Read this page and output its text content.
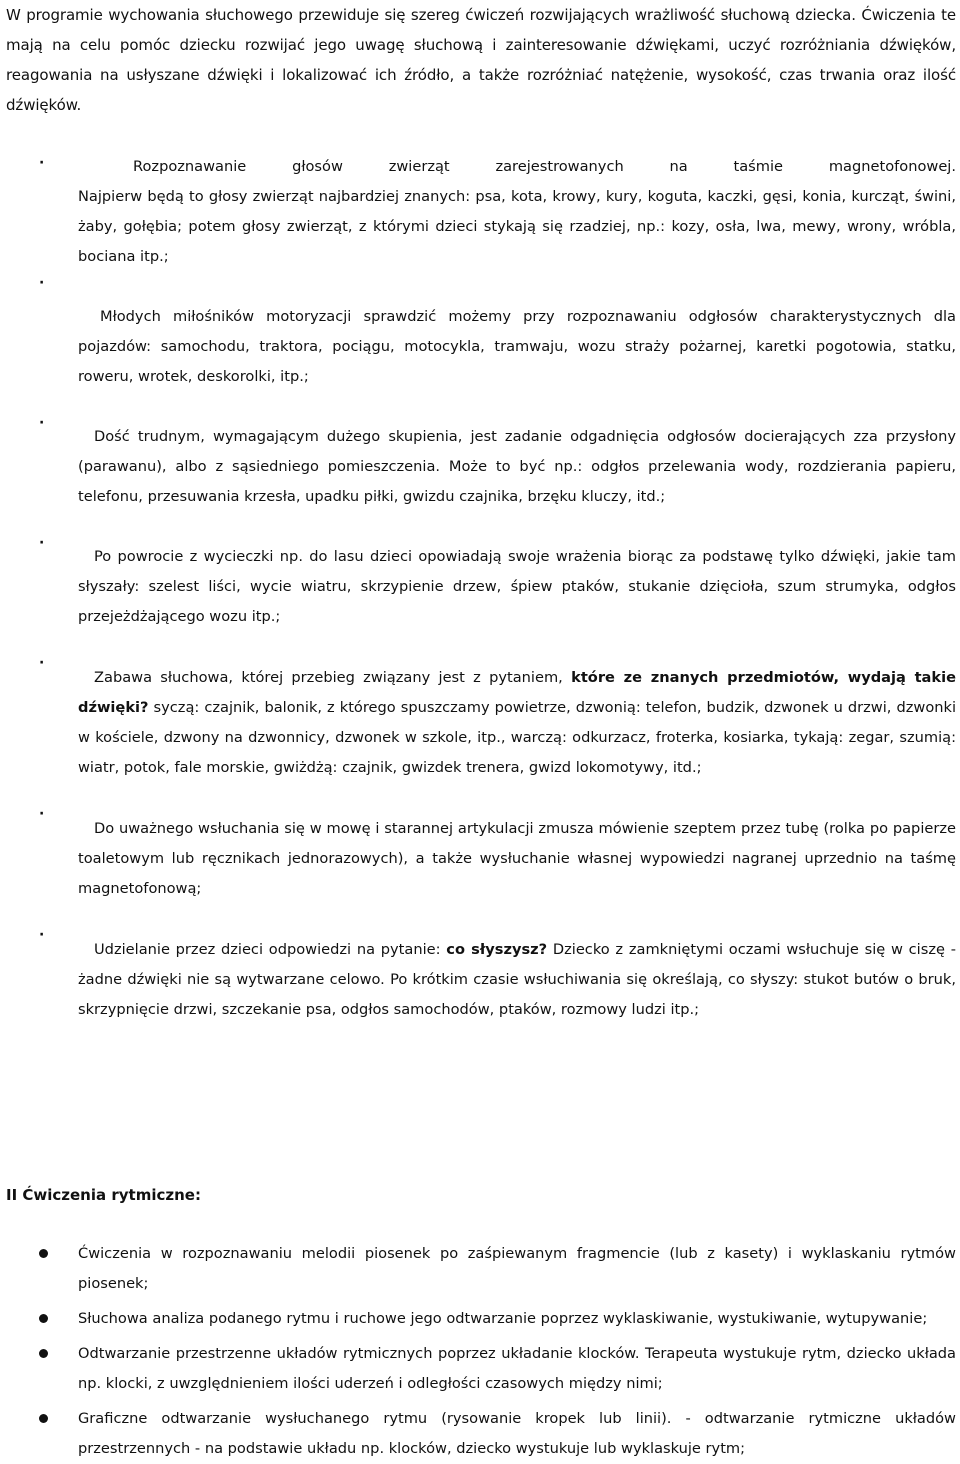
W programie wychowania słuchowego przewiduje się szereg ćwiczeń rozwijających wrażliwość słuchową dziecka. Ćwiczenia te mają na celu pomóc dziecku rozwijać jego uwagę słuchową i zainteresowanie dźwiękami, uczyć rozróżniania dźwięków, reagowania na usłyszane dźwięki i lokalizować ich źródło, a także rozróżniać natężenie, wysokość, czas trwania oraz ilość dźwięków.

·	Rozpoznawanie głosów zwierząt zarejestrowanych na taśmie magnetofonowej.
Najpierw będą to głosy zwierząt najbardziej znanych: psa, kota, krowy, kury, koguta, kaczki, gęsi, konia, kurcząt, świni, żaby, gołębia; potem głosy zwierząt, z którymi dzieci stykają się rzadziej, np.: kozy, osła, lwa, mewy, wrony, wróbla, bociana itp.;
·
Młodych miłośników motoryzacji sprawdzić możemy przy rozpoznawaniu odgłosów charakterystycznych dla pojazdów: samochodu, traktora, pociągu, motocykla, tramwaju, wozu straży pożarnej, karetki pogotowia, statku, roweru, wrotek, deskorolki, itp.;
·
Dość trudnym, wymagającym dużego skupienia, jest zadanie odgadnięcia odgłosów docierających zza przysłony (parawanu), albo z sąsiedniego pomieszczenia. Może to być np.: odgłos przelewania wody, rozdzierania papieru, telefonu, przesuwania krzesła, upadku piłki, gwizdu czajnika, brzęku kluczy, itd.;
·
Po powrocie z wycieczki np. do lasu dzieci opowiadają swoje wrażenia biorąc za podstawę tylko dźwięki, jakie tam słyszały: szelest liści, wycie wiatru, skrzypienie drzew, śpiew ptaków, stukanie dzięcioła, szum strumyka, odgłos przejeżdżającego wozu itp.;
·
Zabawa słuchowa, której przebieg związany jest z pytaniem, które ze znanych przedmiotów, wydają takie dźwięki? syczą: czajnik, balonik, z którego spuszczamy powietrze, dzwonią: telefon, budzik, dzwonek u drzwi, dzwonki w kościele, dzwony na dzwonnicy, dzwonek w szkole, itp., warczą: odkurzacz, froterka, kosiarka, tykają: zegar, szumią: wiatr, potok, fale morskie, gwiżdżą: czajnik, gwizdek trenera, gwizd lokomotywy, itd.;
·
Do uważnego wsłuchania się w mowę i starannej artykulacji zmusza mówienie szeptem przez tubę (rolka po papierze toaletowym lub ręcznikach jednorazowych), a także wysłuchanie własnej wypowiedzi nagranej uprzednio na taśmę magnetofonową;
·
Udzielanie przez dzieci odpowiedzi na pytanie: co słyszysz? Dziecko z zamkniętymi oczami wsłuchuje się w ciszę - żadne dźwięki nie są wytwarzane celowo. Po krótkim czasie wsłuchiwania się określają, co słyszy: stukot butów o bruk, skrzypnięcie drzwi, szczekanie psa, odgłos samochodów, ptaków, rozmowy ludzi itp.;
II Ćwiczenia rytmiczne:
Ćwiczenia w rozpoznawaniu melodii piosenek po zaśpiewanym fragmencie (lub z kasety) i wyklaskaniu rytmów piosenek;
Słuchowa analiza podanego rytmu i ruchowe jego odtwarzanie poprzez wyklaskiwanie, wystukiwanie, wytupywanie;
Odtwarzanie przestrzenne układów rytmicznych poprzez układanie klocków. Terapeuta wystukuje rytm, dziecko układa np. klocki, z uwzględnieniem ilości uderzeń i odległości czasowych między nimi;
Graficzne odtwarzanie wysłuchanego rytmu (rysowanie kropek lub linii). - odtwarzanie rytmiczne układów przestrzennych - na podstawie układu np. klocków, dziecko wystukuje lub wyklaskuje rytm;
